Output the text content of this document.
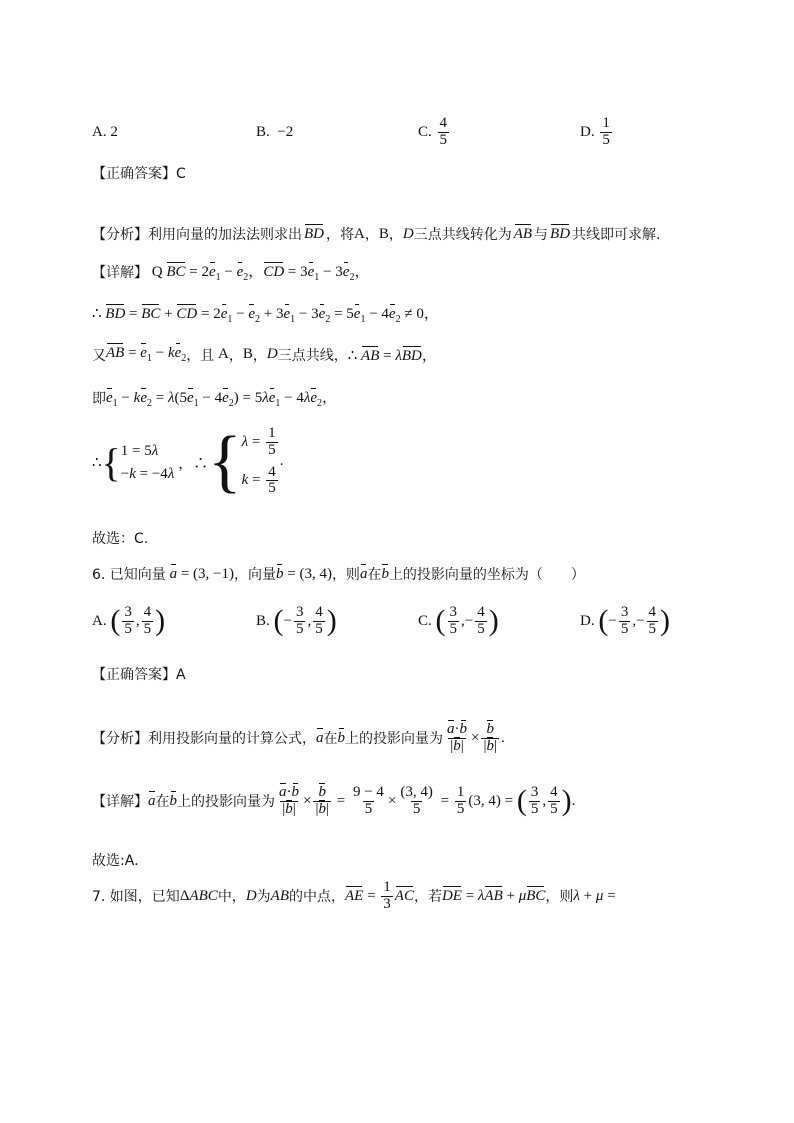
A.
2	B.
−2	C.
$\frac{4}{5}$	D.
$\frac{1}{5}$
【正确答案】C
【分析】 利用向量的加法法则求出 BD ，将 A ， B ， D 三点共线转化为 AB 与 BD 共线即可求解.
【详解】 Q BC = $2e_1 - e_2$，CD = $3e_1 - 3e_2$，
∴ BD = BC + CD = $2e_1 - e_2 + 3e_1 - 3e_2 = 5e_1 - 4e_2 \ne 0$，
又 AB = $e_1 - ke_2$ ， 且 A ， B ， D 三点共线， ∴ AB = λBD，
即 $e_1 - ke_2 = \lambda(5e_1 - 4e_2) = 5\lambda e_1 - 4\lambda e_2$，
∴ { 1 = 5λ
−k = −4λ
，∴ { $\lambda = \frac{1}{5}$
$k = \frac{4}{5}$
.
故选：C.
6. 已知向量 a = (3, −1) ，向量 b = (3, 4) ，则 a 在 b 上的投影向量的坐标为（　　）
A.
( $\frac{3}{5}$ , $\frac{4}{5}$ )	B.
( − $\frac{3}{5}$ , $\frac{4}{5}$ )	C.
( $\frac{3}{5}$ ,− $\frac{4}{5}$ )	D.
( − $\frac{3}{5}$ ,− $\frac{4}{5}$ )
【正确答案】A
【分析】 利用投影向量的计算公式， a 在 b 上的投影向量为 $\frac{a\cdot b}{|b|} \times \frac{b}{|b|}$ .
【详解】 a 在 b 上的投影向量为 $\frac{a\cdot b}{|b|} \times \frac{b}{|b|} = \frac{9 - 4}{5} \times \frac{(3, 4)}{5} = \frac{1}{5} (3$, 4) = ( $\frac{3}{5}$ , $\frac{4}{5}$ ) .
故选:A．
7. 如图，已知 ΔABC 中， D 为 AB 的中点， AE = $\frac{1}{3}$ AC ，若 DE = λAB + μBC ，则 λ + μ =
